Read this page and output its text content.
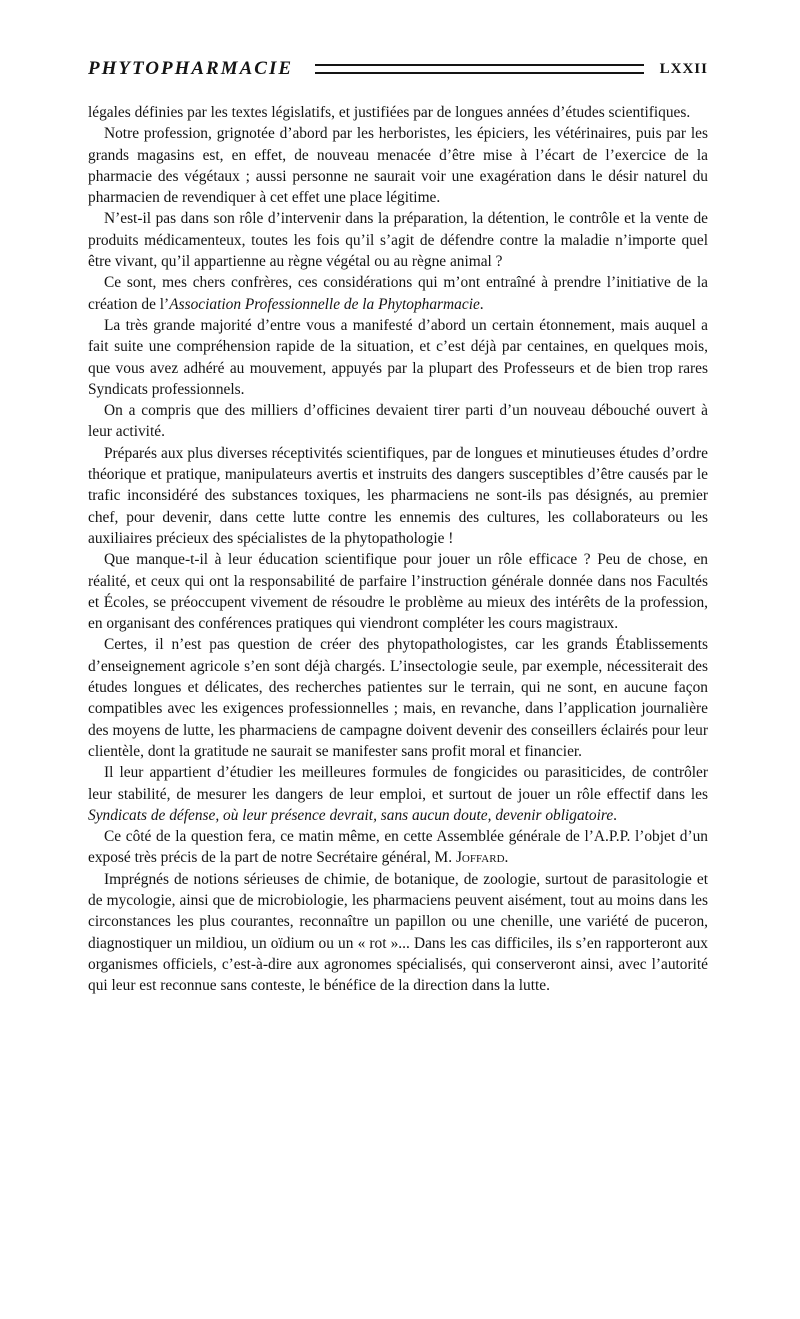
PHYTOPHARMACIE	LXXII

légales définies par les textes législatifs, et justifiées par de longues années d’études scientifiques.

Notre profession, grignotée d’abord par les herboristes, les épiciers, les vétérinaires, puis par les grands magasins est, en effet, de nouveau menacée d’être mise à l’écart de l’exercice de la pharmacie des végétaux ; aussi personne ne saurait voir une exagération dans le désir naturel du pharmacien de revendiquer à cet effet une place légitime.

N’est-il pas dans son rôle d’intervenir dans la préparation, la détention, le contrôle et la vente de produits médicamenteux, toutes les fois qu’il s’agit de défendre contre la maladie n’importe quel être vivant, qu’il appartienne au règne végétal ou au règne animal ?

Ce sont, mes chers confrères, ces considérations qui m’ont entraîné à prendre l’initiative de la création de l’Association Professionnelle de la Phytopharmacie.

La très grande majorité d’entre vous a manifesté d’abord un certain étonnement, mais auquel a fait suite une compréhension rapide de la situation, et c’est déjà par centaines, en quelques mois, que vous avez adhéré au mouvement, appuyés par la plupart des Professeurs et de bien trop rares Syndicats professionnels.

On a compris que des milliers d’officines devaient tirer parti d’un nouveau débouché ouvert à leur activité.

Préparés aux plus diverses réceptivités scientifiques, par de longues et minutieuses études d’ordre théorique et pratique, manipulateurs avertis et instruits des dangers susceptibles d’être causés par le trafic inconsidéré des substances toxiques, les pharmaciens ne sont-ils pas désignés, au premier chef, pour devenir, dans cette lutte contre les ennemis des cultures, les collaborateurs ou les auxiliaires précieux des spécialistes de la phytopathologie !

Que manque-t-il à leur éducation scientifique pour jouer un rôle efficace ? Peu de chose, en réalité, et ceux qui ont la responsabilité de parfaire l’instruction générale donnée dans nos Facultés et Écoles, se préoccupent vivement de résoudre le problème au mieux des intérêts de la profession, en organisant des conférences pratiques qui viendront compléter les cours magistraux.

Certes, il n’est pas question de créer des phytopathologistes, car les grands Établissements d’enseignement agricole s’en sont déjà chargés. L’insectologie seule, par exemple, nécessiterait des études longues et délicates, des recherches patientes sur le terrain, qui ne sont, en aucune façon compatibles avec les exigences professionnelles ; mais, en revanche, dans l’application journalière des moyens de lutte, les pharmaciens de campagne doivent devenir des conseillers éclairés pour leur clientèle, dont la gratitude ne saurait se manifester sans profit moral et financier.

Il leur appartient d’étudier les meilleures formules de fongicides ou parasiticides, de contrôler leur stabilité, de mesurer les dangers de leur emploi, et surtout de jouer un rôle effectif dans les Syndicats de défense, où leur présence devrait, sans aucun doute, devenir obligatoire.

Ce côté de la question fera, ce matin même, en cette Assemblée générale de l’A.P.P. l’objet d’un exposé très précis de la part de notre Secrétaire général, M. Joffard.

Imprégnés de notions sérieuses de chimie, de botanique, de zoologie, surtout de parasitologie et de mycologie, ainsi que de microbiologie, les pharmaciens peuvent aisément, tout au moins dans les circonstances les plus courantes, reconnaître un papillon ou une chenille, une variété de puceron, diagnostiquer un mildiou, un oïdium ou un « rot »... Dans les cas difficiles, ils s’en rapporteront aux organismes officiels, c’est-à-dire aux agronomes spécialisés, qui conserveront ainsi, avec l’autorité qui leur est reconnue sans conteste, le bénéfice de la direction dans la lutte.
